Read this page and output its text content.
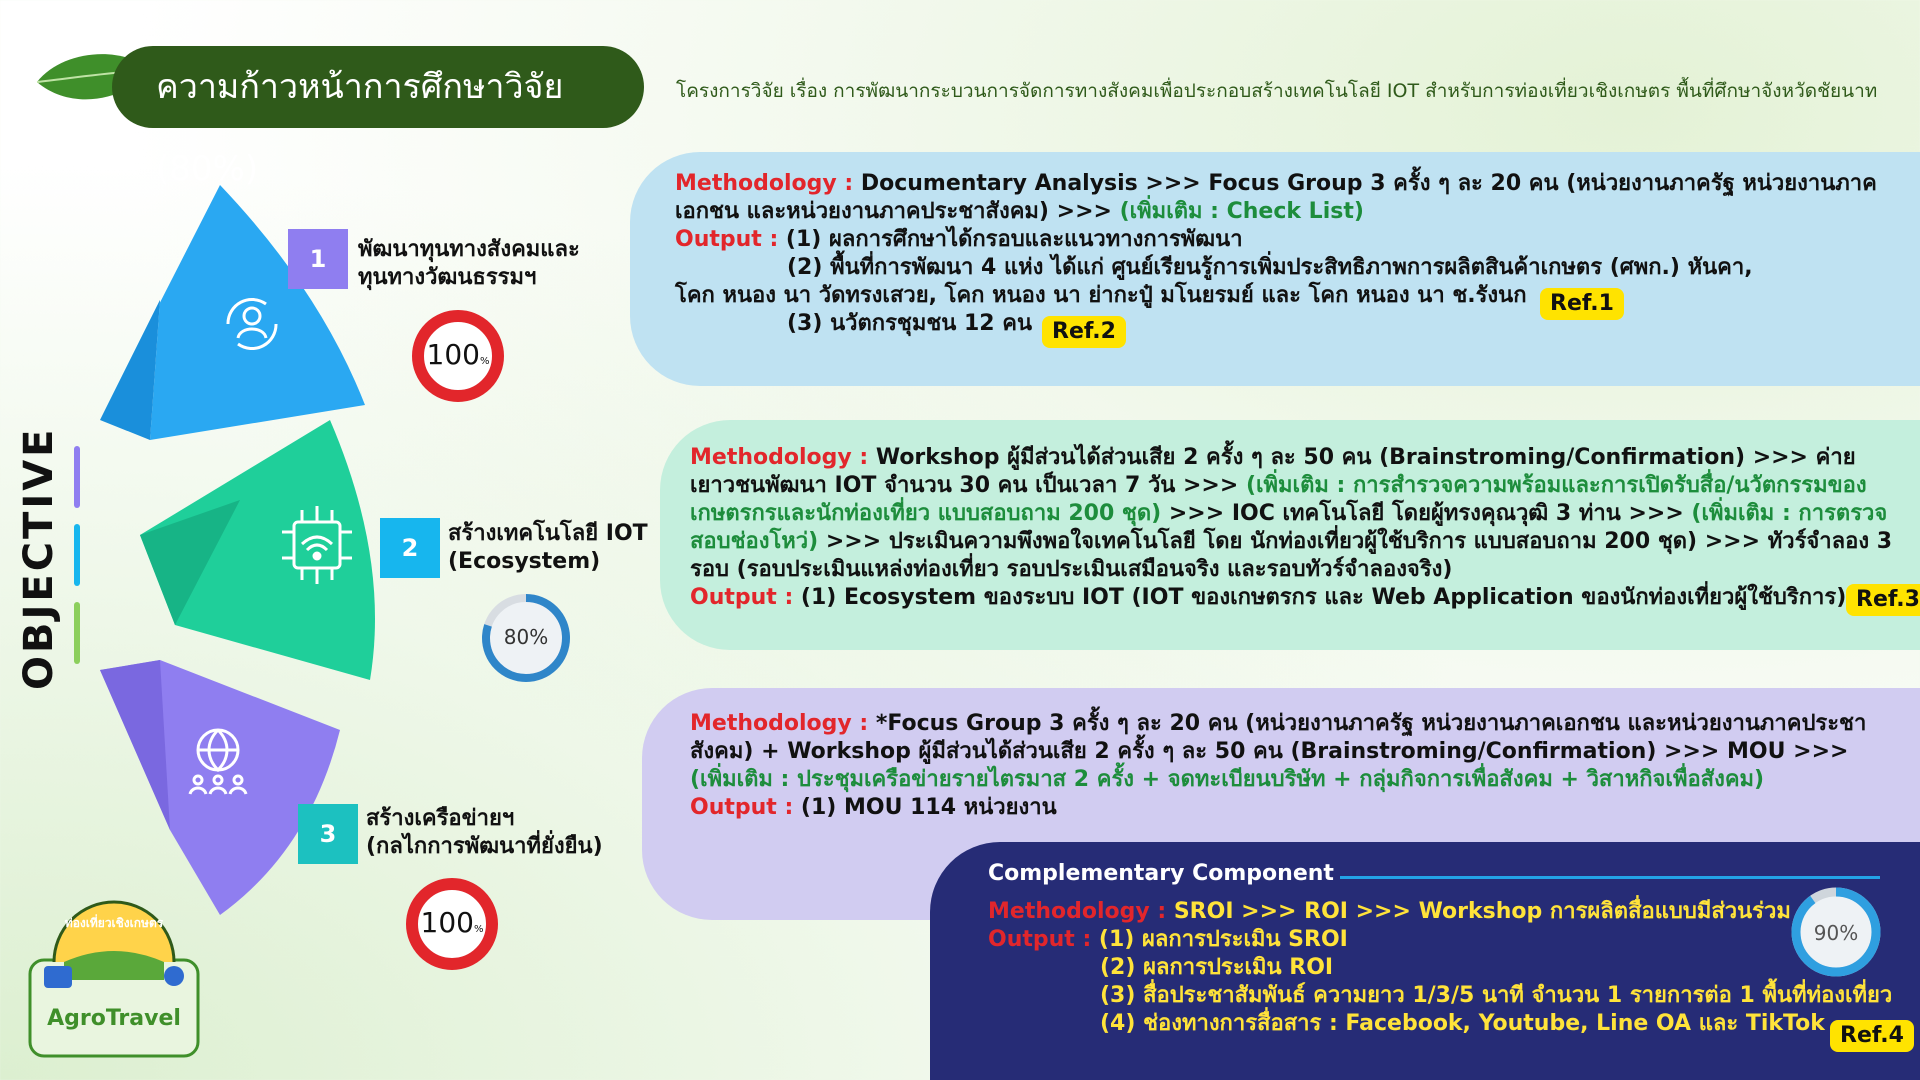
ความก้าวหน้าการศึกษาวิจัย (80%)
โครงการวิจัย เรื่อง การพัฒนากระบวนการจัดการทางสังคมเพื่อประกอบสร้างเทคโนโลยี IOT สำหรับการท่องเที่ยวเชิงเกษตร พื้นที่ศึกษาจังหวัดชัยนาท
OBJECTIVE
1	พัฒนาทุนทางสังคมและ
ทุนทางวัฒนธรรมฯ
2
สร้างเทคโนโลยี IOT
(Ecosystem)
3
สร้างเครือข่ายฯ
(กลไกการพัฒนาที่ยั่งยืน)
100%
80%
100%
Methodology : Documentary Analysis >>> Focus Group 3 ครั้ง ๆ ละ 20 คน (หน่วยงานภาครัฐ หน่วยงานภาค
เอกชน และหน่วยงานภาคประชาสังคม) >>> (เพิ่มเติม : Check List)
Output : (1) ผลการศึกษาได้กรอบและแนวทางการพัฒนา
(2) พื้นที่การพัฒนา 4 แห่ง ได้แก่ ศูนย์เรียนรู้การเพิ่มประสิทธิภาพการผลิตสินค้าเกษตร (ศพก.) หันคา,
โคก หนอง นา วัดทรงเสวย, โคก หนอง นา ย่ากะปู๋ มโนยรมย์ และ โคก หนอง นา ช.รังนก
(3) นวัตกรชุมชน 12 คน
Ref.1
Ref.2
Methodology : Workshop ผู้มีส่วนได้ส่วนเสีย 2 ครั้ง ๆ ละ 50 คน (Brainstroming/Confirmation) >>> ค่าย
เยาวชนพัฒนา IOT จำนวน 30 คน เป็นเวลา 7 วัน >>> (เพิ่มเติม : การสำรวจความพร้อมและการเปิดรับสื่อ/นวัตกรรมของ
เกษตรกรและนักท่องเที่ยว แบบสอบถาม 200 ชุด) >>> IOC เทคโนโลยี โดยผู้ทรงคุณวุฒิ 3 ท่าน >>> (เพิ่มเติม : การตรวจ
สอบช่องโหว่) >>> ประเมินความพึงพอใจเทคโนโลยี โดย นักท่องเที่ยวผู้ใช้บริการ แบบสอบถาม 200 ชุด) >>> ทัวร์จำลอง 3
รอบ (รอบประเมินแหล่งท่องเที่ยว รอบประเมินเสมือนจริง และรอบทัวร์จำลองจริง)
Output : (1) Ecosystem ของระบบ IOT (IOT ของเกษตรกร และ Web Application ของนักท่องเที่ยวผู้ใช้บริการ) Ref.3
Methodology : *Focus Group 3 ครั้ง ๆ ละ 20 คน (หน่วยงานภาครัฐ หน่วยงานภาคเอกชน และหน่วยงานภาคประชา
สังคม) + Workshop ผู้มีส่วนได้ส่วนเสีย 2 ครั้ง ๆ ละ 50 คน (Brainstroming/Confirmation) >>> MOU >>>
(เพิ่มเติม : ประชุมเครือข่ายรายไตรมาส 2 ครั้ง + จดทะเบียนบริษัท + กลุ่มกิจการเพื่อสังคม + วิสาหกิจเพื่อสังคม)
Output : (1) MOU 114 หน่วยงาน
Complementary Component
Methodology : SROI >>> ROI >>> Workshop การผลิตสื่อแบบมีส่วนร่วม
Output : (1) ผลการประเมิน SROI
(2) ผลการประเมิน ROI
(3) สื่อประชาสัมพันธ์ ความยาว 1/3/5 นาที จำนวน 1 รายการต่อ 1 พื้นที่ท่องเที่ยว
(4) ช่องทางการสื่อสาร : Facebook, Youtube, Line OA และ TikTok
90%
Ref.4
ท่องเที่ยวเชิงเกษตร
AgroTravel
